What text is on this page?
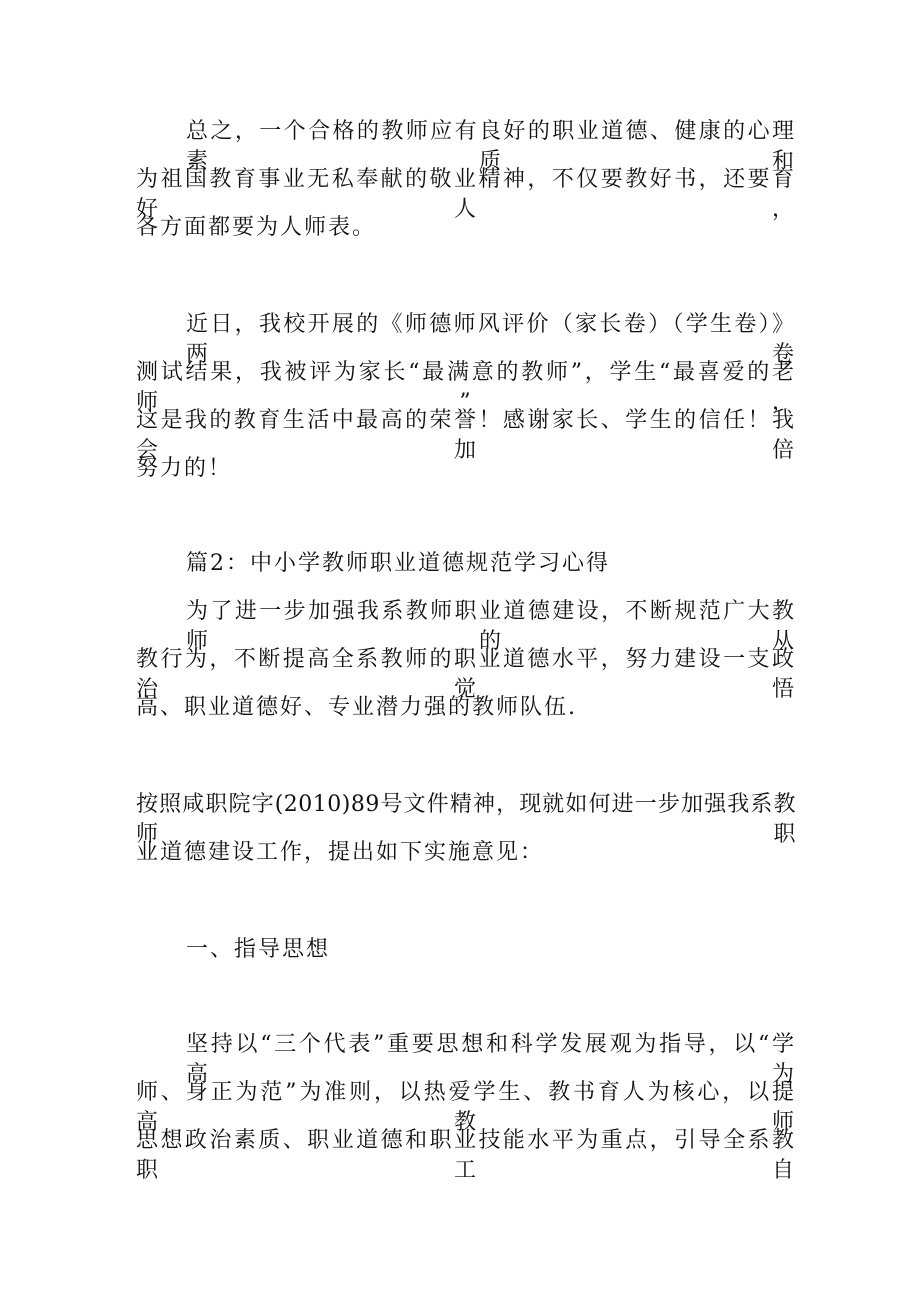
总之，一个合格的教师应有良好的职业道德、健康的心理素质和
为祖国教育事业无私奉献的敬业精神，不仅要教好书，还要育好人，
各方面都要为人师表。
近日，我校开展的《师德师风评价（家长卷）（学生卷）》两卷
测试结果，我被评为家长“最满意的教师”，学生“最喜爱的老师”，
这是我的教育生活中最高的荣誉！感谢家长、学生的信任！我会加倍
努力的！
篇2：中小学教师职业道德规范学习心得
为了进一步加强我系教师职业道德建设，不断规范广大教师的从
教行为，不断提高全系教师的职业道德水平，努力建设一支政治觉悟
高、职业道德好、专业潜力强的教师队伍.
按照咸职院字(2010)89号文件精神，现就如何进一步加强我系教师职
业道德建设工作，提出如下实施意见：
一、指导思想
坚持以“三个代表”重要思想和科学发展观为指导，以“学高为
师、身正为范”为准则，以热爱学生、教书育人为核心，以提高教师
思想政治素质、职业道德和职业技能水平为重点，引导全系教职工自
